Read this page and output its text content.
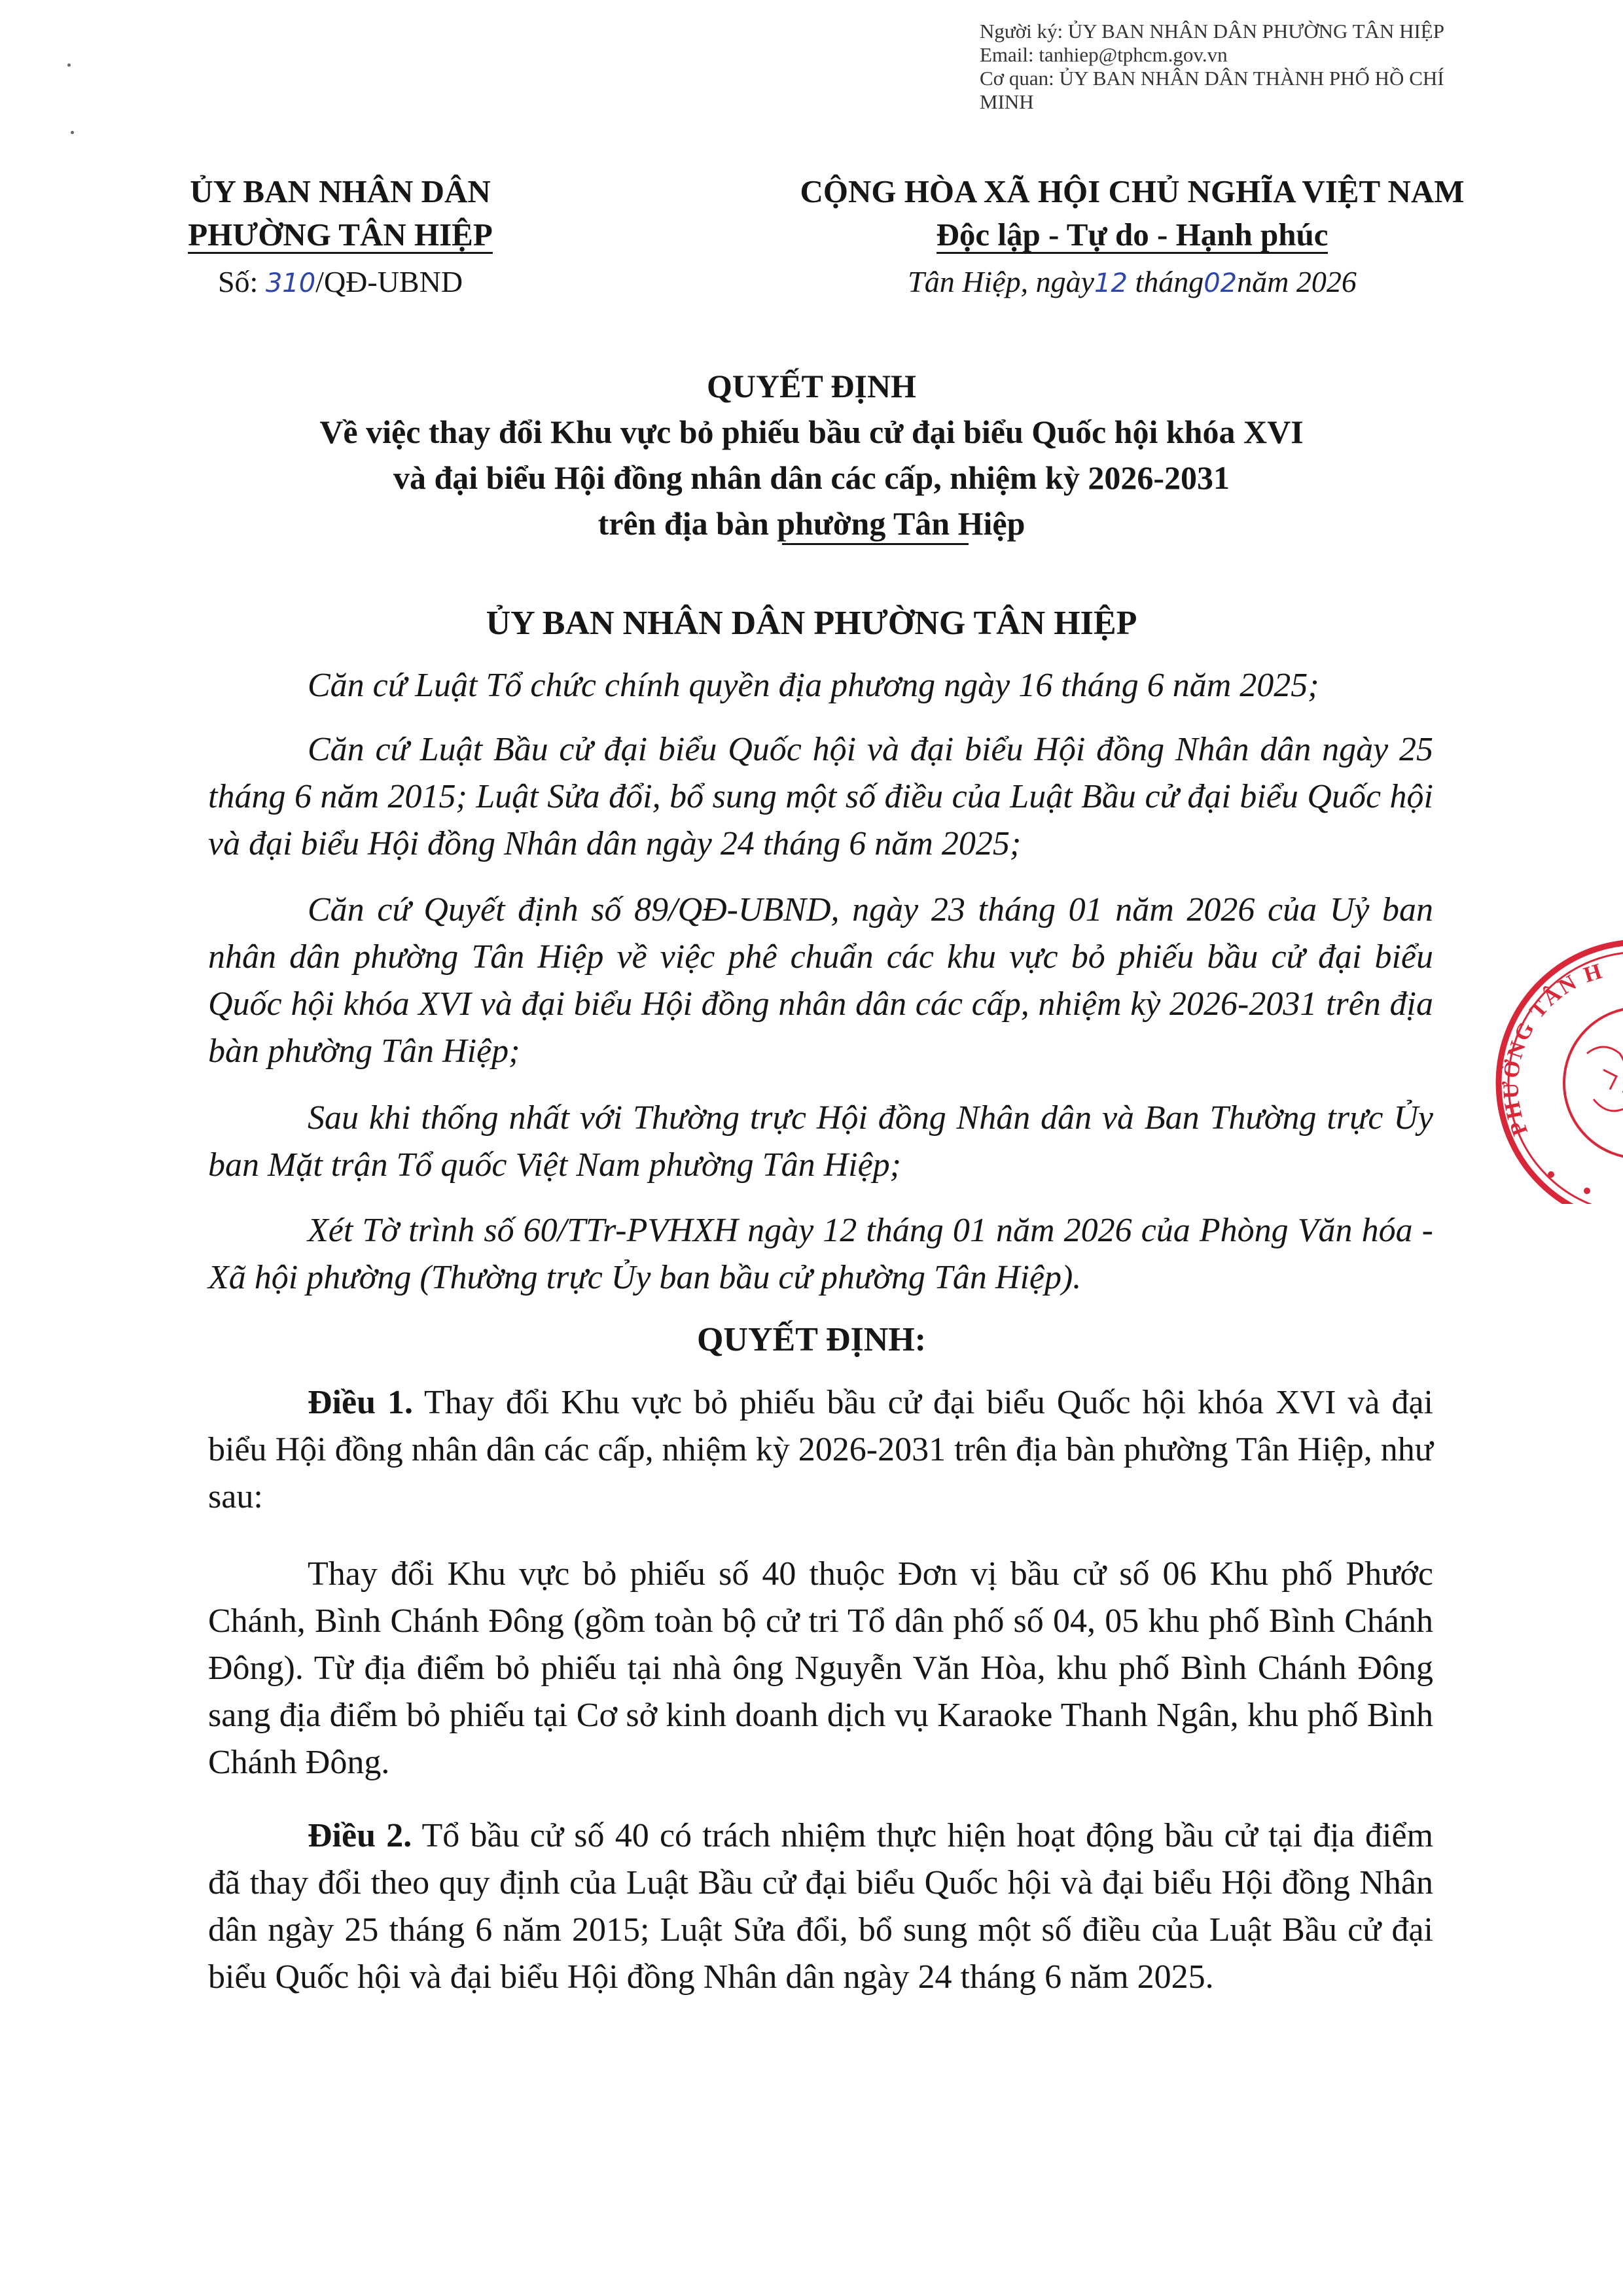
Người ký: ỦY BAN NHÂN DÂN PHƯỜNG TÂN HIỆP
Email: tanhiep@tphcm.gov.vn
Cơ quan: ỦY BAN NHÂN DÂN THÀNH PHỐ HỒ CHÍ
MINH
ỦY BAN NHÂN DÂN
PHƯỜNG TÂN HIỆP
Số: 310/QĐ-UBND
CỘNG HÒA XÃ HỘI CHỦ NGHĨA VIỆT NAM
Độc lập - Tự do - Hạnh phúc
Tân Hiệp, ngày12 tháng02năm 2026
QUYẾT ĐỊNH
Về việc thay đổi Khu vực bỏ phiếu bầu cử đại biểu Quốc hội khóa XVI
và đại biểu Hội đồng nhân dân các cấp, nhiệm kỳ 2026-2031
trên địa bàn phường Tân Hiệp
ỦY BAN NHÂN DÂN PHƯỜNG TÂN HIỆP
Căn cứ Luật Tổ chức chính quyền địa phương ngày 16 tháng 6 năm 2025;
Căn cứ Luật Bầu cử đại biểu Quốc hội và đại biểu Hội đồng Nhân dân ngày 25 tháng 6 năm 2015; Luật Sửa đổi, bổ sung một số điều của Luật Bầu cử đại biểu Quốc hội và đại biểu Hội đồng Nhân dân ngày 24 tháng 6 năm 2025;
Căn cứ Quyết định số 89/QĐ-UBND, ngày 23 tháng 01 năm 2026 của Uỷ ban nhân dân phường Tân Hiệp về việc phê chuẩn các khu vực bỏ phiếu bầu cử đại biểu Quốc hội khóa XVI và đại biểu Hội đồng nhân dân các cấp, nhiệm kỳ 2026-2031 trên địa bàn phường Tân Hiệp;
Sau khi thống nhất với Thường trực Hội đồng Nhân dân và Ban Thường trực Ủy ban Mặt trận Tổ quốc Việt Nam phường Tân Hiệp;
Xét Tờ trình số 60/TTr-PVHXH ngày 12 tháng 01 năm 2026 của Phòng Văn hóa - Xã hội phường (Thường trực Ủy ban bầu cử phường Tân Hiệp).
QUYẾT ĐỊNH:
Điều 1. Thay đổi Khu vực bỏ phiếu bầu cử đại biểu Quốc hội khóa XVI và đại biểu Hội đồng nhân dân các cấp, nhiệm kỳ 2026-2031 trên địa bàn phường Tân Hiệp, như sau:
Thay đổi Khu vực bỏ phiếu số 40 thuộc Đơn vị bầu cử số 06 Khu phố Phước Chánh, Bình Chánh Đông (gồm toàn bộ cử tri Tổ dân phố số 04, 05 khu phố Bình Chánh Đông). Từ địa điểm bỏ phiếu tại nhà ông Nguyễn Văn Hòa, khu phố Bình Chánh Đông sang địa điểm bỏ phiếu tại Cơ sở kinh doanh dịch vụ Karaoke Thanh Ngân, khu phố Bình Chánh Đông.
Điều 2. Tổ bầu cử số 40 có trách nhiệm thực hiện hoạt động bầu cử tại địa điểm đã thay đổi theo quy định của Luật Bầu cử đại biểu Quốc hội và đại biểu Hội đồng Nhân dân ngày 25 tháng 6 năm 2015; Luật Sửa đổi, bổ sung một số điều của Luật Bầu cử đại biểu Quốc hội và đại biểu Hội đồng Nhân dân ngày 24 tháng 6 năm 2025.
PHƯỜNG TÂN H
